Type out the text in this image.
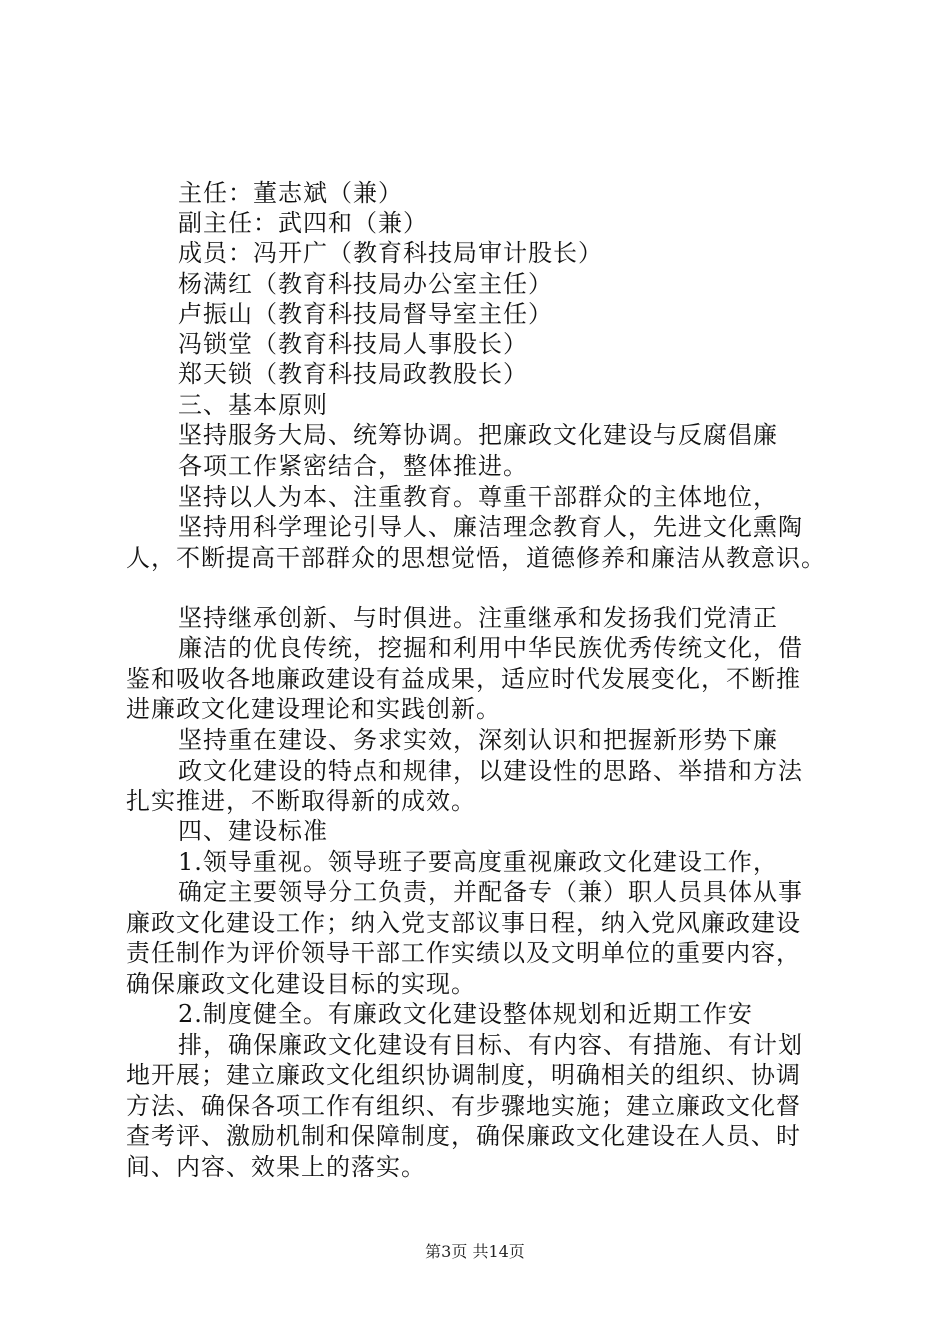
主任：董志斌（兼）
副主任：武四和（兼）
成员：冯开广（教育科技局审计股长）
杨满红（教育科技局办公室主任）
卢振山（教育科技局督导室主任）
冯锁堂（教育科技局人事股长）
郑天锁（教育科技局政教股长）
三、基本原则
坚持服务大局、统筹协调。把廉政文化建设与反腐倡廉
各项工作紧密结合，整体推进。
坚持以人为本、注重教育。尊重干部群众的主体地位，
坚持用科学理论引导人、廉洁理念教育人，先进文化熏陶
人，不断提高干部群众的思想觉悟，道德修养和廉洁从教意识。
坚持继承创新、与时俱进。注重继承和发扬我们党清正
廉洁的优良传统，挖掘和利用中华民族优秀传统文化，借
鉴和吸收各地廉政建设有益成果，适应时代发展变化，不断推
进廉政文化建设理论和实践创新。
坚持重在建设、务求实效，深刻认识和把握新形势下廉
政文化建设的特点和规律，以建设性的思路、举措和方法
扎实推进，不断取得新的成效。
四、建设标准
1.领导重视。领导班子要高度重视廉政文化建设工作，
确定主要领导分工负责，并配备专（兼）职人员具体从事
廉政文化建设工作；纳入党支部议事日程，纳入党风廉政建设
责任制作为评价领导干部工作实绩以及文明单位的重要内容，
确保廉政文化建设目标的实现。
2.制度健全。有廉政文化建设整体规划和近期工作安
排，确保廉政文化建设有目标、有内容、有措施、有计划
地开展；建立廉政文化组织协调制度，明确相关的组织、协调
方法、确保各项工作有组织、有步骤地实施；建立廉政文化督
查考评、激励机制和保障制度，确保廉政文化建设在人员、时
间、内容、效果上的落实。
第3页 共14页
